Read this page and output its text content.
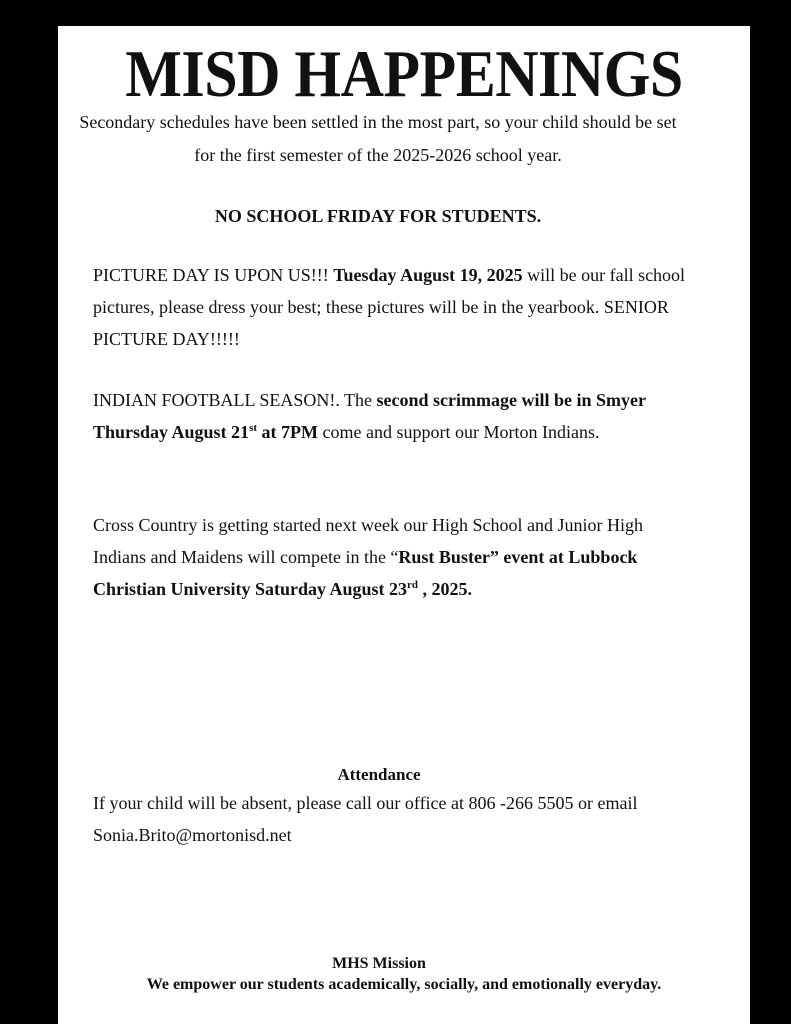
MISD HAPPENINGS
Secondary schedules have been settled in the most part, so your child should be set for the first semester of the 2025-2026 school year.
NO SCHOOL FRIDAY FOR STUDENTS.
PICTURE DAY IS UPON US!!! Tuesday August 19, 2025 will be our fall school pictures, please dress your best; these pictures will be in the yearbook. SENIOR PICTURE DAY!!!!!
INDIAN FOOTBALL SEASON!. The second scrimmage will be in Smyer Thursday August 21st at 7PM come and support our Morton Indians.
Cross Country is getting started next week our High School and Junior High Indians and Maidens will compete in the “Rust Buster” event at Lubbock Christian University Saturday August 23rd , 2025.
Attendance
If your child will be absent, please call our office at 806 -266 5505 or email Sonia.Brito@mortonisd.net
MHS Mission
We empower our students academically, socially, and emotionally everyday.
